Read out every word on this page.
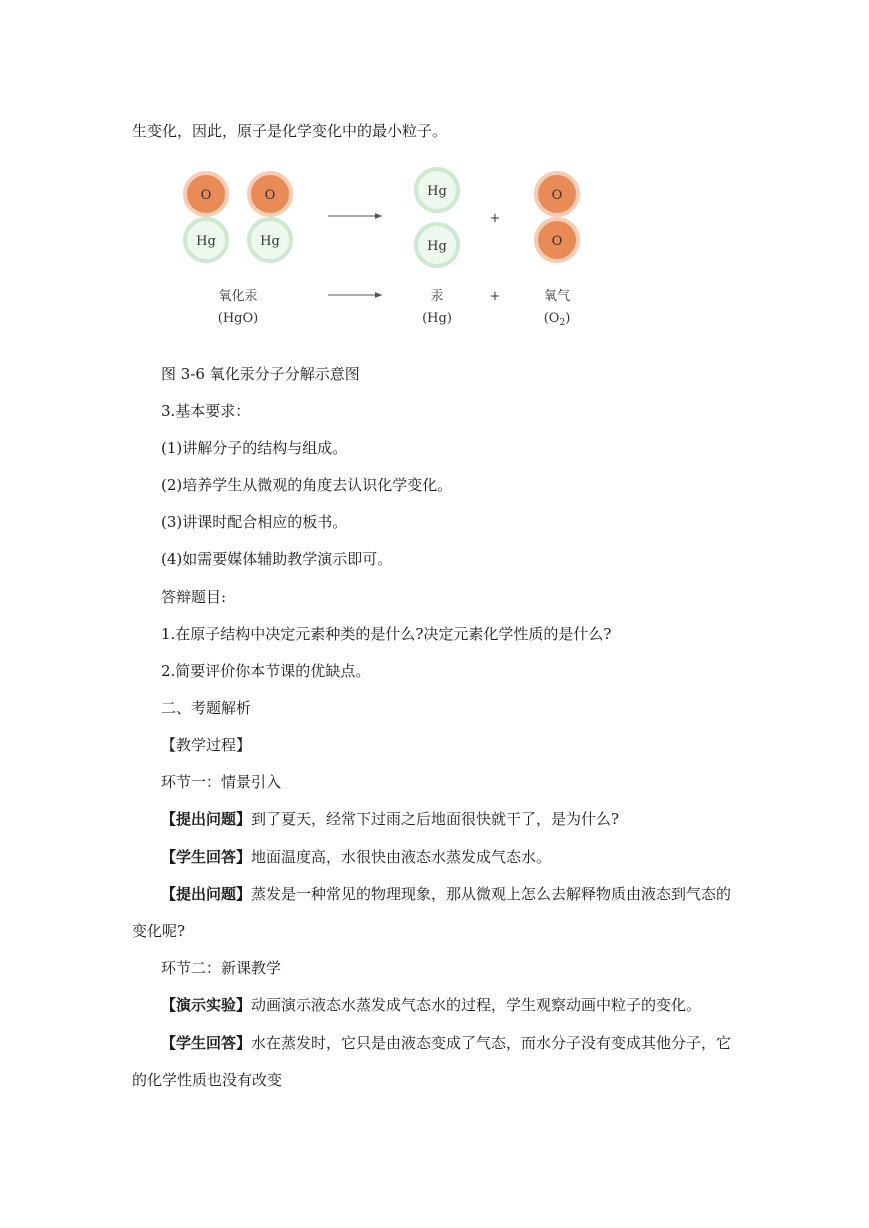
生变化，因此，原子是化学变化中的最小粒子。
O
Hg
O
Hg
Hg
Hg
+
O
O
氧化汞
(HgO)
汞
(Hg)
+	氧气
$(O_2)$
图 3-6 氧化汞分子分解示意图
3.基本要求：
(1)讲解分子的结构与组成。
(2)培养学生从微观的角度去认识化学变化。
(3)讲课时配合相应的板书。
(4)如需要媒体辅助教学演示即可。
答辩题目:
1.在原子结构中决定元素种类的是什么?决定元素化学性质的是什么?
2.简要评价你本节课的优缺点。
二、考题解析
【教学过程】
环节一：情景引入
【提出问题】到了夏天，经常下过雨之后地面很快就干了，是为什么?
【学生回答】地面温度高，水很快由液态水蒸发成气态水。
【提出问题】蒸发是一种常见的物理现象，那从微观上怎么去解释物质由液态到气态的
变化呢?
环节二：新课教学
【演示实验】动画演示液态水蒸发成气态水的过程，学生观察动画中粒子的变化。
【学生回答】水在蒸发时，它只是由液态变成了气态，而水分子没有变成其他分子，它
的化学性质也没有改变
